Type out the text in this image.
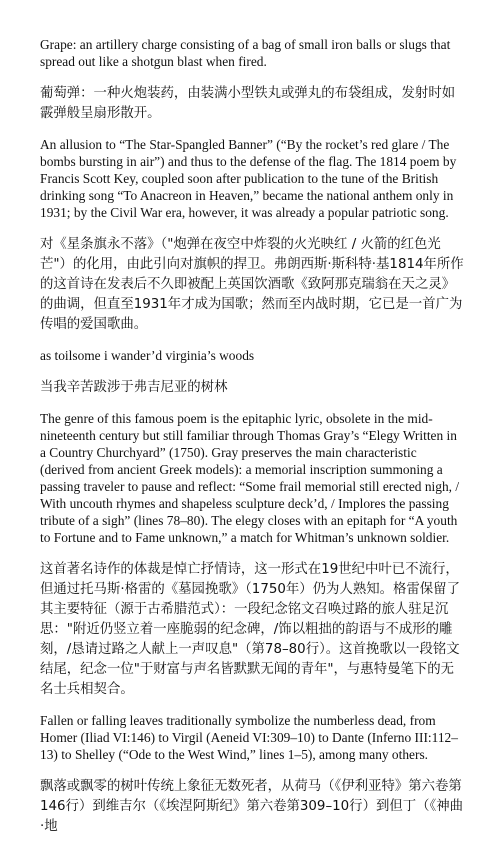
Grape: an artillery charge consisting of a bag of small iron balls or slugs that spread out like a shotgun blast when fired.

葡萄弹：一种火炮装药，由装满小型铁丸或弹丸的布袋组成，发射时如霰弹般呈扇形散开。

An allusion to “The Star-Spangled Banner” (“By the rocket’s red glare / The bombs bursting in air”) and thus to the defense of the flag. The 1814 poem by Francis Scott Key, coupled soon after publication to the tune of the British drinking song “To Anacreon in Heaven,” became the national anthem only in 1931; by the Civil War era, however, it was already a popular patriotic song.

对《星条旗永不落》（"炮弹在夜空中炸裂的火光映红 / 火箭的红色光芒"）的化用，由此引向对旗帜的捍卫。弗朗西斯·斯科特·基1814年所作的这首诗在发表后不久即被配上英国饮酒歌《致阿那克瑞翁在天之灵》的曲调，但直至1931年才成为国歌；然而至内战时期，它已是一首广为传唱的爱国歌曲。

as toilsome i wander’d virginia’s woods

当我辛苦跋涉于弗吉尼亚的树林

The genre of this famous poem is the epitaphic lyric, obsolete in the mid-nineteenth century but still familiar through Thomas Gray’s “Elegy Written in a Country Churchyard” (1750). Gray preserves the main characteristic (derived from ancient Greek models): a memorial inscription summoning a passing traveler to pause and reflect: “Some frail memorial still erected nigh, / With uncouth rhymes and shapeless sculpture deck’d, / Implores the passing tribute of a sigh” (lines 78–80). The elegy closes with an epitaph for “A youth to Fortune and to Fame unknown,” a match for Whitman’s unknown soldier.

这首著名诗作的体裁是悼亡抒情诗，这一形式在19世纪中叶已不流行，但通过托马斯·格雷的《墓园挽歌》（1750年）仍为人熟知。格雷保留了其主要特征（源于古希腊范式）：一段纪念铭文召唤过路的旅人驻足沉思："附近仍竖立着一座脆弱的纪念碑，/饰以粗拙的韵语与不成形的雕刻，/恳请过路之人献上一声叹息"（第78–80行）。这首挽歌以一段铭文结尾，纪念一位"于财富与声名皆默默无闻的青年"，与惠特曼笔下的无名士兵相契合。

Fallen or falling leaves traditionally symbolize the numberless dead, from Homer (Iliad VI:146) to Virgil (Aeneid VI:309–10) to Dante (Inferno III:112–13) to Shelley (“Ode to the West Wind,” lines 1–5), among many others.

飘落或飘零的树叶传统上象征无数死者，从荷马（《伊利亚特》第六卷第146行）到维吉尔（《埃涅阿斯纪》第六卷第309–10行）到但丁（《神曲·地
